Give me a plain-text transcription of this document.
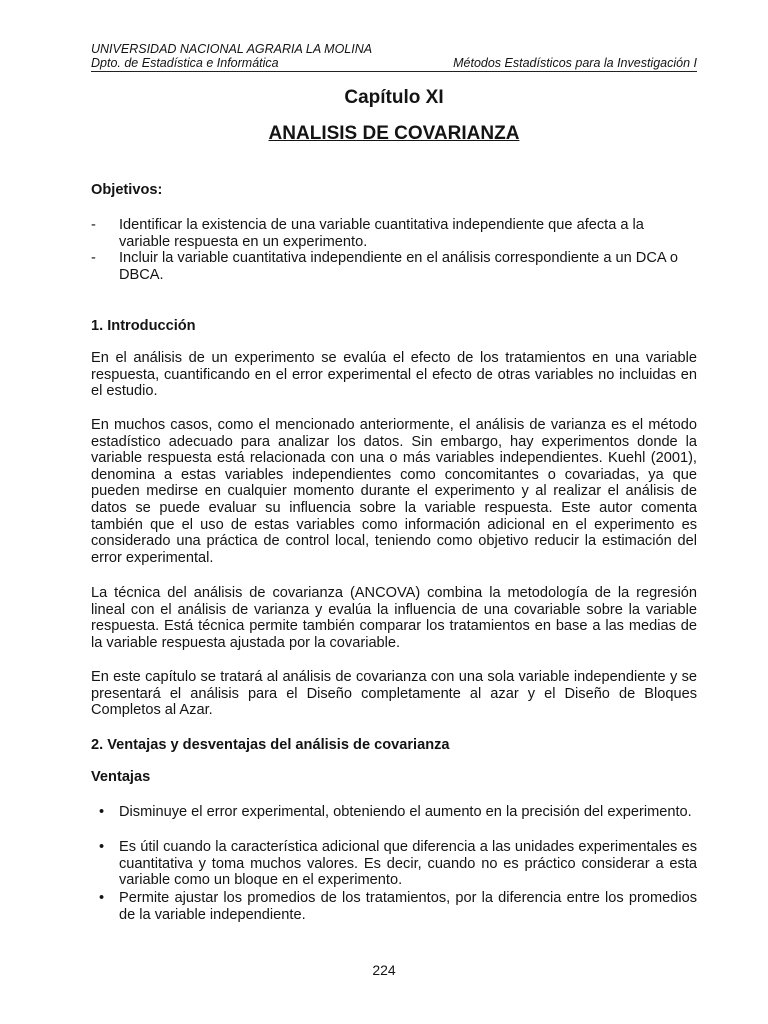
UNIVERSIDAD NACIONAL AGRARIA LA MOLINA
Dpto. de Estadística e Informática	Métodos Estadísticos para la Investigación I
Capítulo XI
ANALISIS DE COVARIANZA
Objetivos:
- Identificar la existencia de una variable cuantitativa independiente que afecta a la variable respuesta en un experimento.
- Incluir la variable cuantitativa independiente en el análisis correspondiente a un DCA o DBCA.
1. Introducción
En el análisis de un experimento se evalúa el efecto de los tratamientos en una variable respuesta, cuantificando en el error experimental el efecto de otras variables no incluidas en el estudio.
En muchos casos, como el mencionado anteriormente, el análisis de varianza es el método estadístico adecuado para analizar los datos. Sin embargo, hay experimentos donde la variable respuesta está relacionada con una o más variables independientes. Kuehl (2001), denomina a estas variables independientes como concomitantes o covariadas, ya que pueden medirse en cualquier momento durante el experimento y al realizar el análisis de datos se puede evaluar su influencia sobre la variable respuesta. Este autor comenta también que el uso de estas variables como información adicional en el experimento es considerado una práctica de control local, teniendo como objetivo reducir la estimación del error experimental.
La técnica del análisis de covarianza (ANCOVA) combina la metodología de la regresión lineal con el análisis de varianza y evalúa la influencia de una covariable sobre la variable respuesta. Está técnica permite también comparar los tratamientos en base a las medias de la variable respuesta ajustada por la covariable.
En este capítulo se tratará al análisis de covarianza con una sola variable independiente y se presentará el análisis para el Diseño completamente al azar y el Diseño de Bloques Completos al Azar.
2. Ventajas y desventajas del análisis de covarianza
Ventajas
• Disminuye el error experimental, obteniendo el aumento en la precisión del experimento.
• Es útil cuando la característica adicional que diferencia a las unidades experimentales es cuantitativa y toma muchos valores. Es decir, cuando no es práctico considerar a esta variable como un bloque en el experimento.
• Permite ajustar los promedios de los tratamientos, por la diferencia entre los promedios de la variable independiente.
224
